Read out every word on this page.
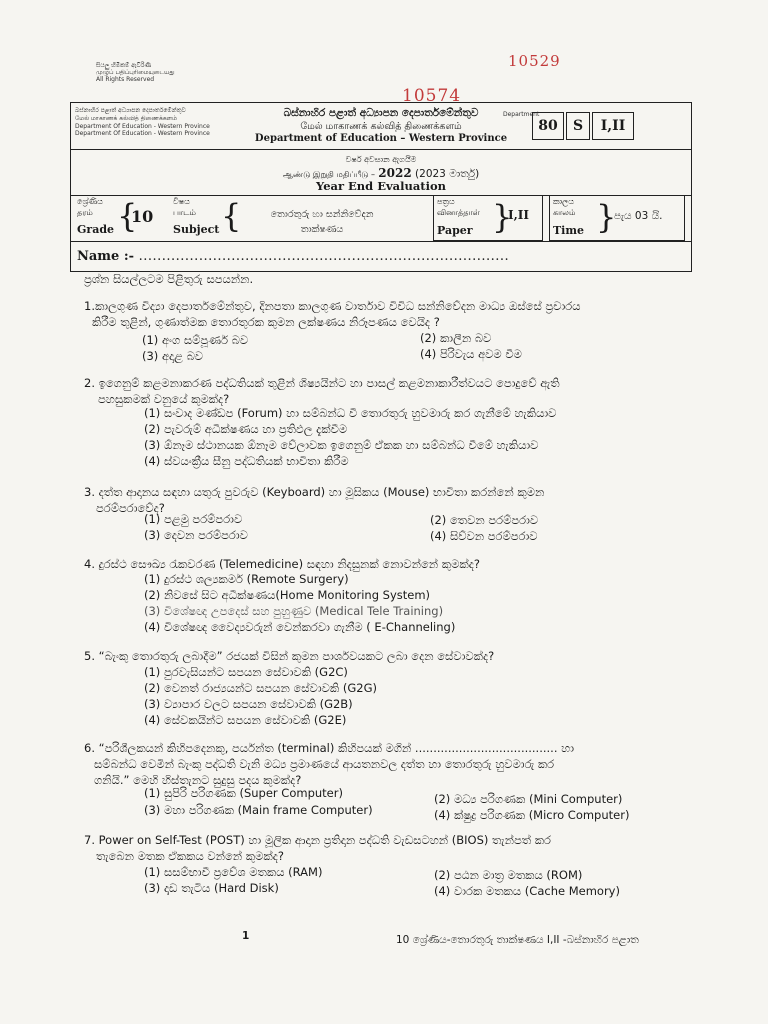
සියලු හිමිකම් ඇවිරිණි
முழுப் பதிப்புரிமையுடையது
All Rights Reserved
10529
10574
බස්නාහිර පළාත් අධ්‍යාපන දෙපාර්තමේන්තුව
மேல் மாகாணக் கல்வித் திணைக்களம்
Department Of Education - Western Province
Department Of Education - Western Province
බස්නාහිර පළාත් අධ්‍යාපන දෙපාර්තමේන්තුව
மேல் மாகாணக் கல்வித் திணைக்களம்
Department of Education – Western Province
Department
80	S	I,II
වර්ෂ අවසාන ඇගයීම
ஆண்டு இறுதி மதிப்பீடு – 2022 (2023 මාර්තු)
Year End Evaluation
ශ්‍රේණිය
தரம்
Grade {
10
විෂය
பாடம்
Subject {	තොරතුරු හා සන්නිවේදන
තාක්ෂණය
පත්‍රය
வினாத்தாள்
Paper }
I,II
කාලය
காலம்
Time }
පැය 03 යි.
Name :- ................................................................................
ප්‍රශ්න සියල්ලටම පිළිතුරු සපයන්න.
1.කාලගුණ විද්‍යා දෙපාර්තමේන්තුව, දිනපතා කාලගුණ වාර්තාව විවිධ සන්නිවේදන මාධ්‍ය ඔස්සේ ප්‍රචාරය
කිරීම තුළින්, ගුණාත්මක තොරතුරක කුමන ලක්ෂණය නිරූපණය වෙයිද ?
(1) අංග සම්පූර්ණ බව	(2) කාලීන බව
(3) අදාළ බව	(4) පිරිවැය අවම වීම
2. ඉගෙනුම් කළමනාකරණ පද්ධතියක් තුළින් ශිෂ්‍යයින්ට හා පාසල් කළමනාකාරීත්වයට පොදුවේ ඇති
පහසුකමක් වනුයේ කුමක්ද?
(1) සංවාද මණ්ඩප (Forum) හා සම්බන්ධ වී තොරතුරු හුවමාරු කර ගැනීමේ හැකියාව
(2) පැවරුම් අධීක්ෂණය හා ප්‍රතිඵල දැක්වීම
(3) ඕනෑම ස්ථානයක ඕනෑම වේලාවක ඉගෙනුම් ඒකක හා සම්බන්ධ වීමේ හැකියාව
(4) ස්වයංක්‍රීය සීනු පද්ධතියක් භාවිතා කිරීම
3. දත්ත ආදානය සඳහා යතුරු පුවරුව (Keyboard) හා මූසිකය (Mouse) භාවිතා කරන්නේ කුමන
පරම්පරාවේද?
(1) පළමු පරම්පරාව	(2) තෙවන පරම්පරාව
(3) දෙවන පරම්පරාව	(4) සිව්වන පරම්පරාව
4. දුරස්ථ සෞඛ්‍ය රැකවරණ (Telemedicine) සඳහා නිදසුනක් නොවන්නේ කුමක්ද?
(1) දුරස්ථ ශල්‍යකර්ම (Remote Surgery)
(2) නිවසේ සිට අධීක්ෂණය(Home Monitoring System)
(3) විශේෂඥ උපදෙස් සහ පුහුණුව (Medical Tele Training)
(4) විශේෂඥ වෛද්‍යවරුන් වෙන්කරවා ගැනීම ( E-Channeling)
5. “බැංකු තොරතුරු ලබාදීම” රජයක් විසින් කුමන පාර්ශවයකට ලබා දෙන සේවාවක්ද?
(1) පුරවැසියන්ට සපයන සේවාවකි (G2C)
(2) වෙනත් රාජ්‍යයන්ට සපයන සේවාවකි (G2G)
(3) ව්‍යාපාර වලට සපයන සේවාවකි (G2B)
(4) සේවකයින්ට සපයන සේවාවකි (G2E)
6. “පරිශීලකයන් කිහිපදෙනකු, පර්යන්ත (terminal) කිහිපයක් මගින් ....................................... හා
සම්බන්ධ වෙමින් බැංකු පද්ධති වැනි මධ්‍ය ප්‍රමාණයේ ආයතනවල දත්ත හා තොරතුරු හුවමාරු කර
ගනියි.” මෙහි හිස්තැනට සුදුසු පදය කුමක්ද?
(1) සුපිරි පරිගණක (Super Computer)	(2) මධ්‍ය පරිගණක (Mini Computer)
(3) මහා පරිගණක (Main frame Computer)	(4) ක්ෂුද්‍ර පරිගණක (Micro Computer)
7. Power on Self-Test (POST) හා මූලික ආදාන ප්‍රතිදාන පද්ධති වැඩසටහන් (BIOS) තැන්පත් කර
තැබෙන මතක ඒකකය වන්නේ කුමක්ද?
(1) සසම්භාවී ප්‍රවේශ මතකය (RAM)	(2) පඨන මාත්‍ර මතකය (ROM)
(3) දෘඩ තැටිය (Hard Disk)	(4) වාරක මතකය (Cache Memory)
1	10 ශ්‍රේණිය-තොරතුරු තාක්ෂණය I,II -බස්නාහිර පළාත
